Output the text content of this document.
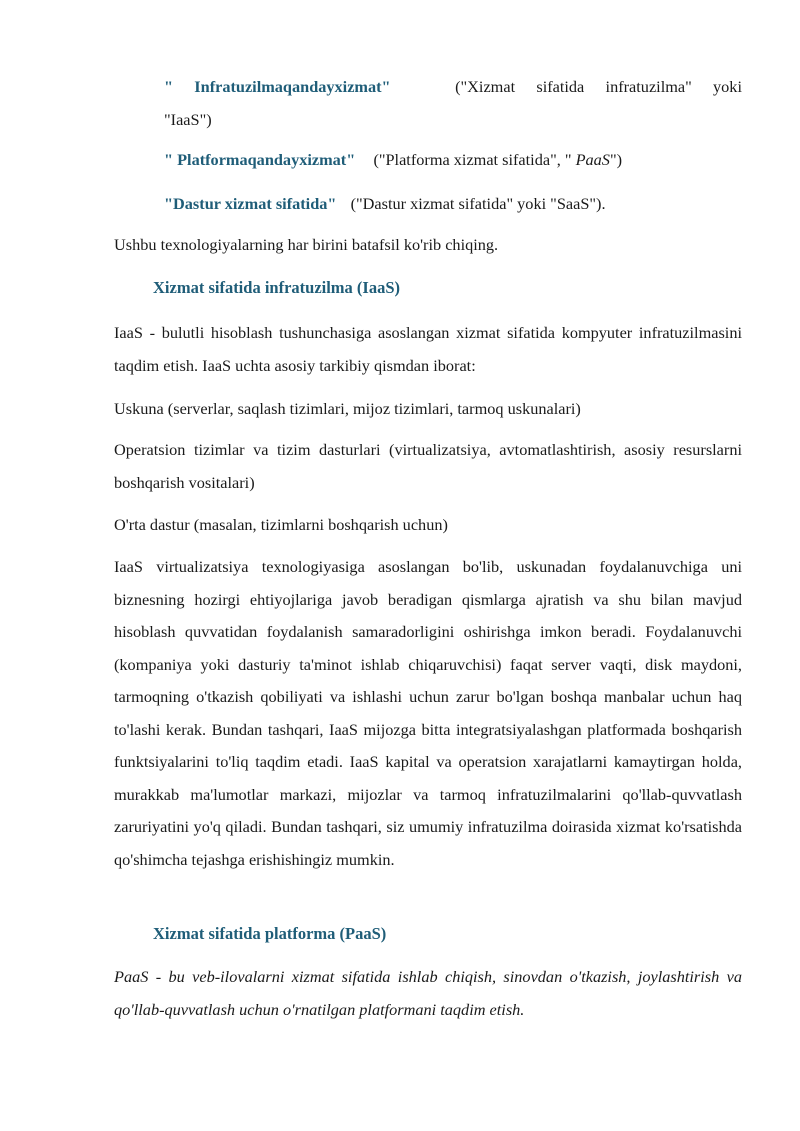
" Infratuzilmaqandayxizmat"	("Xizmat sifatida infratuzilma" yoki

"IaaS")

" Platformaqandayxizmat" ("Platforma xizmat sifatida", " PaaS")

"Dastur xizmat sifatida" ("Dastur xizmat sifatida" yoki "SaaS").

Ushbu texnologiyalarning har birini batafsil ko'rib chiqing.

Xizmat sifatida infratuzilma (IaaS)

IaaS - bulutli hisoblash tushunchasiga asoslangan xizmat sifatida kompyuter infratuzilmasini taqdim etish. IaaS uchta asosiy tarkibiy qismdan iborat:

Uskuna (serverlar, saqlash tizimlari, mijoz tizimlari, tarmoq uskunalari)

Operatsion tizimlar va tizim dasturlari (virtualizatsiya, avtomatlashtirish, asosiy resurslarni boshqarish vositalari)

O'rta dastur (masalan, tizimlarni boshqarish uchun)

IaaS virtualizatsiya texnologiyasiga asoslangan bo'lib, uskunadan foydalanuvchiga uni biznesning hozirgi ehtiyojlariga javob beradigan qismlarga ajratish va shu bilan mavjud hisoblash quvvatidan foydalanish samaradorligini oshirishga imkon beradi. Foydalanuvchi (kompaniya yoki dasturiy ta'minot ishlab chiqaruvchisi) faqat server vaqti, disk maydoni, tarmoqning o'tkazish qobiliyati va ishlashi uchun zarur bo'lgan boshqa manbalar uchun haq to'lashi kerak. Bundan tashqari, IaaS mijozga bitta integratsiyalashgan platformada boshqarish funktsiyalarini to'liq taqdim etadi. IaaS kapital va operatsion xarajatlarni kamaytirgan holda, murakkab ma'lumotlar markazi, mijozlar va tarmoq infratuzilmalarini qo'llab-quvvatlash zaruriyatini yo'q qiladi. Bundan tashqari, siz umumiy infratuzilma doirasida xizmat ko'rsatishda qo'shimcha tejashga erishishingiz mumkin.

Xizmat sifatida platforma (PaaS)

PaaS - bu veb-ilovalarni xizmat sifatida ishlab chiqish, sinovdan o'tkazish, joylashtirish va qo'llab-quvvatlash uchun o'rnatilgan platformani taqdim etish.
